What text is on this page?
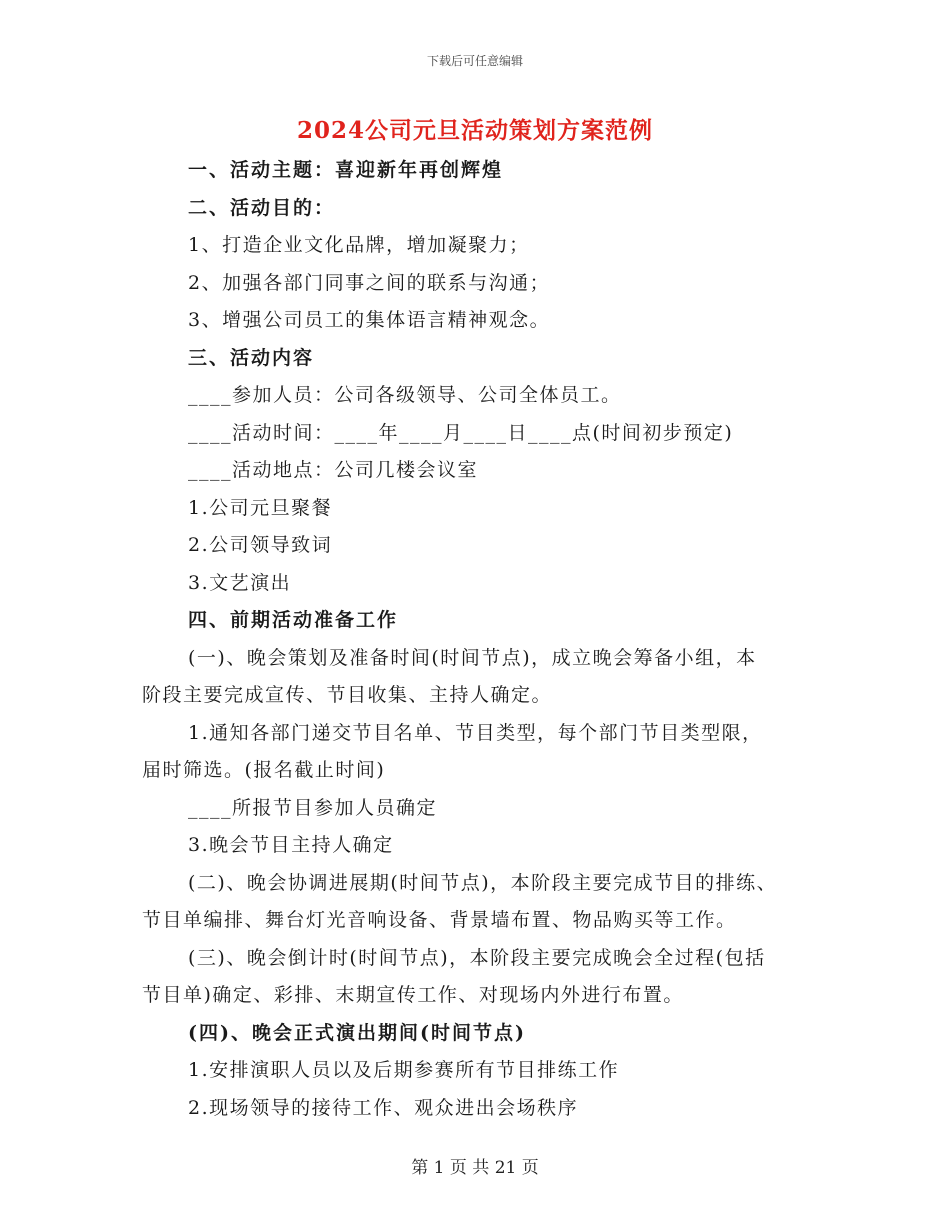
下载后可任意编辑
2024公司元旦活动策划方案范例
一、活动主题：喜迎新年再创辉煌
二、活动目的：
1、打造企业文化品牌，增加凝聚力；
2、加强各部门同事之间的联系与沟通；
3、增强公司员工的集体语言精神观念。
三、活动内容
____参加人员：公司各级领导、公司全体员工。
____活动时间：____年____月____日____点(时间初步预定)
____活动地点：公司几楼会议室
1.公司元旦聚餐
2.公司领导致词
3.文艺演出
四、前期活动准备工作
(一)、晚会策划及准备时间(时间节点)，成立晚会筹备小组，本
阶段主要完成宣传、节目收集、主持人确定。
1.通知各部门递交节目名单、节目类型，每个部门节目类型限，
届时筛选。(报名截止时间)
____所报节目参加人员确定
3.晚会节目主持人确定
(二)、晚会协调进展期(时间节点)，本阶段主要完成节目的排练、
节目单编排、舞台灯光音响设备、背景墙布置、物品购买等工作。
(三)、晚会倒计时(时间节点)，本阶段主要完成晚会全过程(包括
节目单)确定、彩排、末期宣传工作、对现场内外进行布置。
(四)、晚会正式演出期间(时间节点)
1.安排演职人员以及后期参赛所有节目排练工作
2.现场领导的接待工作、观众进出会场秩序
第 1 页 共 21 页
